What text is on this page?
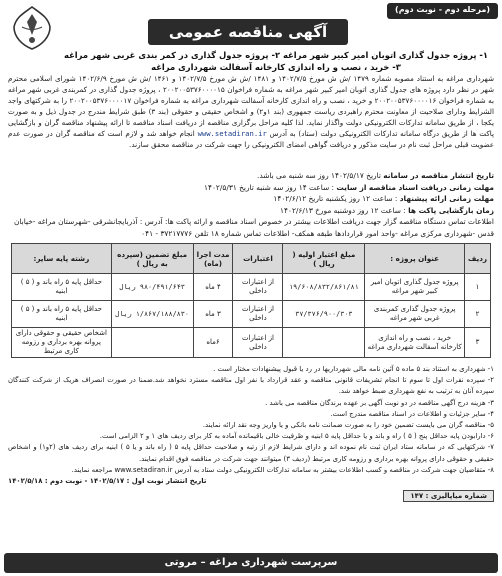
(مرحله دوم - نوبت دوم)
آگهی مناقصه عمومی
۱- پروژه جدول گذاری اتوبان امیر کبیر شهر مراغه ۲- پروژه جدول گذاری در کمر بندی غربی شهر مراغه ۳- خرید ، نصب و راه اندازی کارخانه آسفالت شهرداری مراغه
شهرداری مراغه به استناد مصوبه شماره ۱۴۷۹ /ش ش مورخ ۱۴۰۲/۷/۵ و ۱۴۸۱ /ش ش مورخ ۱۴۰۲/۷/۵ و ۱۴۶۱ /ش ش مورخ ۱۴۰۲/۶/۹ شورای اسلامی محترم شهر در نظر دارد پروژه های جدول گذاری اتوبان امیر کبیر شهر مراغه به شماره فراخوان ۲۰۰۲۰۰۵۳۷۶۰۰۰۰۱۵ ، پروژه جدول گذاری در کمربندی غربی شهر مراغه به شماره فراخوان ۲۰۰۲۰۰۵۳۷۶۰۰۰۰۱۶ و خرید ، نصب و راه اندازی کارخانه آسفالت شهرداری مراغه به شماره فراخوان ۲۰۰۲۰۰۵۳۷۶۰۰۰۰۱۷ را به شرکتهای واجد الشرایط ودارای صلاحیت از معاونت محترم راهبردی ریاست جمهوری (بند ۱و۲) و اشخاص حقیقی و حقوقی (بند ۳) طبق شرایط مندرج در جدول ذیل و به صورت یکجا ، از طریق سامانه تدارکات الکترونیکی دولت واگذار نماید. لذا کلیه مراحل برگزاری مناقصه از دریافت اسناد مناقصه تا ارائه پیشنهاد مناقصه گران و بازگشایی پاکت ها از طریق درگاه سامانه تدارکات الکترونیکی دولت (ستاد) به آدرس www.setadiran.ir انجام خواهد شد و لازم است که مناقصه گران در صورت عدم عضویت قبلی مراحل ثبت نام در سایت مذکور و دریافت گواهی امضای الکترونیکی را جهت شرکت در مناقصه محقق سازند.
تاریخ انتشار مناقصه در سامانه تاریخ ۱۴۰۲/۵/۱۷ روز سه شنبه می باشد.
مهلت زمانی دریافت اسناد مناقصه از سایت : ساعت ۱۴ روز سه شنبه تاریخ ۱۴۰۲/۵/۳۱
مهلت زمانی ارائه پیشنهاد : ساعت ۱۲ روز یکشنبه تاریخ ۱۴۰۲/۶/۱۲
زمان بازگشایی پاکت ها : ساعت ۱۲ روز دوشنبه مورخ ۱۴۰۲/۶/۱۳
اطلاعات تماس دستگاه مناقصه گزار جهت دریافت اطلاعات بیشتر در خصوص اسناد مناقصه و ارائه پاکت ها: آدرس : آذربایجانشرقی -شهرستان مراغه -خیابان قدس -شهرداری مرکزی مراغه -واحد امور قراردادها طبقه همکف- اطلاعات تماس شماره ۱۸ تلفن ۳۷۲۱۷۷۷۶ - ۰۴۱
ردیف	عنوان پروژه :	مبلغ اعتبار اولیه ( ریال )	اعتبارات	مدت اجرا (ماه)	مبلغ تضمین (سپرده به ریال )	رشته پایه سایر:
۱	پروژه جدول گذاری اتوبان امیر کبیر شهر مراغه	۱۹/۶۰۸/۸۳۲/۸۶۱/۸۱	از اعتبارات داخلی	۴ ماه	۹۸۰/۴۹۱/۶۴۳ ریال	حداقل پایه ۵ راه باند و ( ۵ ) ابنیه
۲	پروژه جدول گذاری کمربندی غربی شهر مراغه	۳۷/۳۷۶/۹۰۰/۳۰۳	از اعتبارات داخلی	۳ ماه	۱/۸۶۷/۱۸۸/۸۳۰ ریال	حداقل پایه ۵ راه باند و ( ۵ ) ابنیه
۳	خرید ، نصب و راه اندازی کارخانه آسفالت شهرداری مراغه		از اعتبارات داخلی	۶ماه		اشخاص حقیقی و حقوقی دارای پروانه بهره برداری و رزومه کاری مرتبط

۱- شهرداری به استناد بند ۵ ماده ۵ آئین نامه مالی شهرداریها در رد یا قبول پیشنهادات مختار است .

۲- سپرده نفرات اول تا سوم تا انجام تشریفات قانونی مناقصه و عقد قرارداد با نفر اول مناقصه مسترد نخواهد شد.ضمنا در صورت انصراف هریک از شرکت کنندگان سپرده آنان به ترتیب به نفع شهرداری ضبط خواهد شد.

۳- هزینه درج آگهی مناقصه در دو نوبت آگهی بر عهده برندگان مناقصه می باشد .

۴- سایر جزئیات و اطلاعات در اسناد مناقصه مندرج است.

۵- مناقصه گران می بایست تضمین خود را به صورت ضمانت نامه بانکی و یا واریز وجه نقد ارائه نمایند.

۶- دارابودن پایه حداقل پنج ( ۵ ) راه و باند و یا حداقل پایه ۵ ابنیه و ظرفیت خالی باقیمانده آماده به کار برای ردیف های ۱ و ۲ الزامی است.

۷- شرکتهایی که در سامانه ستاد ایران ثبت نام نموده اند و دارای شرایط لازم از رتبه و صلاحیت حداقل پایه ۵ ( راه باند و یا ۵ ) ابنیه برای ردیف های (۲و۱) و اشخاص حقیقی و حقوقی دارای پروانه بهره برداری و رزومه کاری مرتبط (ردیف ۳) میتوانند جهت شرکت در مناقصه فوق اقدام نمایند.

۸- متقاضیان جهت شرکت در مناقصه و کسب اطلاعات بیشتر به سامانه تدارکات الکترونیکی دولت ستاد به آدرس www.setadiran.ir مراجعه نمایند.

تاریخ انتشار نوبت اول : ۱۴۰۲/۵/۱۷ - نوبت دوم : ۱۴۰۲/۵/۱۸

شماره میاپالیزی : ۱۴۷
سرپرست شهرداری مراغه – مروتی
